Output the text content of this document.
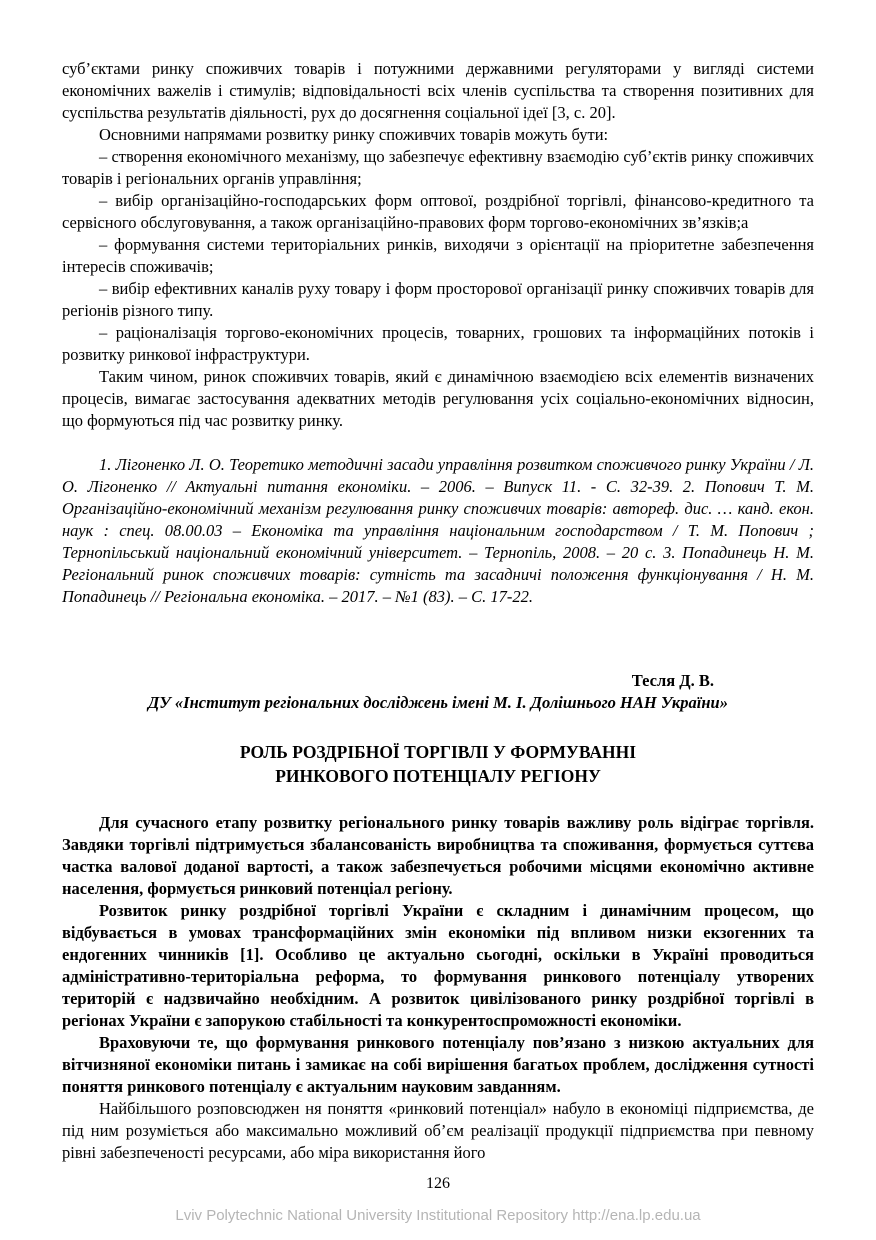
суб’єктами ринку споживчих товарів і потужними державними регуляторами у вигляді системи економічних важелів і стимулів; відповідальності всіх членів суспільства та створення позитивних для суспільства результатів діяльності, рух до досягнення соціальної ідеї [3, с. 20].

Основними напрямами розвитку ринку споживчих товарів можуть бути:

– створення економічного механізму, що забезпечує ефективну взаємодію суб’єктів ринку споживчих товарів і регіональних органів управління;

– вибір організаційно-господарських форм оптової, роздрібної торгівлі, фінансово-кредитного та сервісного обслуговування, а також організаційно-правових форм торгово-економічних зв’язків;а

– формування системи територіальних ринків, виходячи з орієнтації на пріоритетне забезпечення інтересів споживачів;

– вибір ефективних каналів руху товару і форм просторової організації ринку споживчих товарів для регіонів різного типу.

– раціоналізація торгово-економічних процесів, товарних, грошових та інформаційних потоків і розвитку ринкової інфраструктури.

Таким чином, ринок споживчих товарів, який є динамічною взаємодією всіх елементів визначених процесів, вимагає застосування адекватних методів регулювання усіх соціально-економічних відносин, що формуються під час розвитку ринку.

1. Лігоненко Л. О. Теоретико методичні засади управління розвитком споживчого ринку України / Л. О. Лігоненко // Актуальні питання економіки. – 2006. – Випуск 11. - С. 32-39. 2. Попович Т. М. Організаційно-економічний механізм регулювання ринку споживчих товарів: автореф. дис. … канд. екон. наук : спец. 08.00.03 – Економіка та управління національним господарством / Т. М. Попович ; Тернопільський національний економічний університет. – Тернопіль, 2008. – 20 с. 3. Попадинець Н. М. Регіональний ринок споживчих товарів: сутність та засадничі положення функціонування / Н. М. Попадинець // Регіональна економіка. – 2017. – №1 (83). – С. 17-22.

Тесля Д. В.

ДУ «Інститут регіональних досліджень імені М. І. Долішнього НАН України»

РОЛЬ РОЗДРІБНОЇ ТОРГІВЛІ У ФОРМУВАННІ
РИНКОВОГО ПОТЕНЦІАЛУ РЕГІОНУ

Для сучасного етапу розвитку регіонального ринку товарів важливу роль відіграє торгівля. Завдяки торгівлі підтримується збалансованість виробництва та споживання, формується суттєва частка валової доданої вартості, а також забезпечується робочими місцями економічно активне населення, формується ринковий потенціал регіону.

Розвиток ринку роздрібної торгівлі України є складним і динамічним процесом, що відбувається в умовах трансформаційних змін економіки під впливом низки екзогенних та ендогенних чинників [1]. Особливо це актуально сьогодні, оскільки в Україні проводиться адміністративно-територіальна реформа, то формування ринкового потенціалу утворених територій є надзвичайно необхідним. А розвиток цивілізованого ринку роздрібної торгівлі в регіонах України є запорукою стабільності та конкурентоспроможності економіки.

Враховуючи те, що формування ринкового потенціалу пов’язано з низкою актуальних для вітчизняної економіки питань і замикає на собі вирішення багатьох проблем, дослідження сутності поняття ринкового потенціалу є актуальним науковим завданням.

Найбільшого розповсюджен ня поняття «ринковий потенціал» набуло в економіці підприємства, де під ним розуміється або максимально можливий об’єм реалізації продукції підприємства при певному рівні забезпеченості ресурсами, або міра використання його

126
Lviv Polytechnic National University Institutional Repository http://ena.lp.edu.ua
